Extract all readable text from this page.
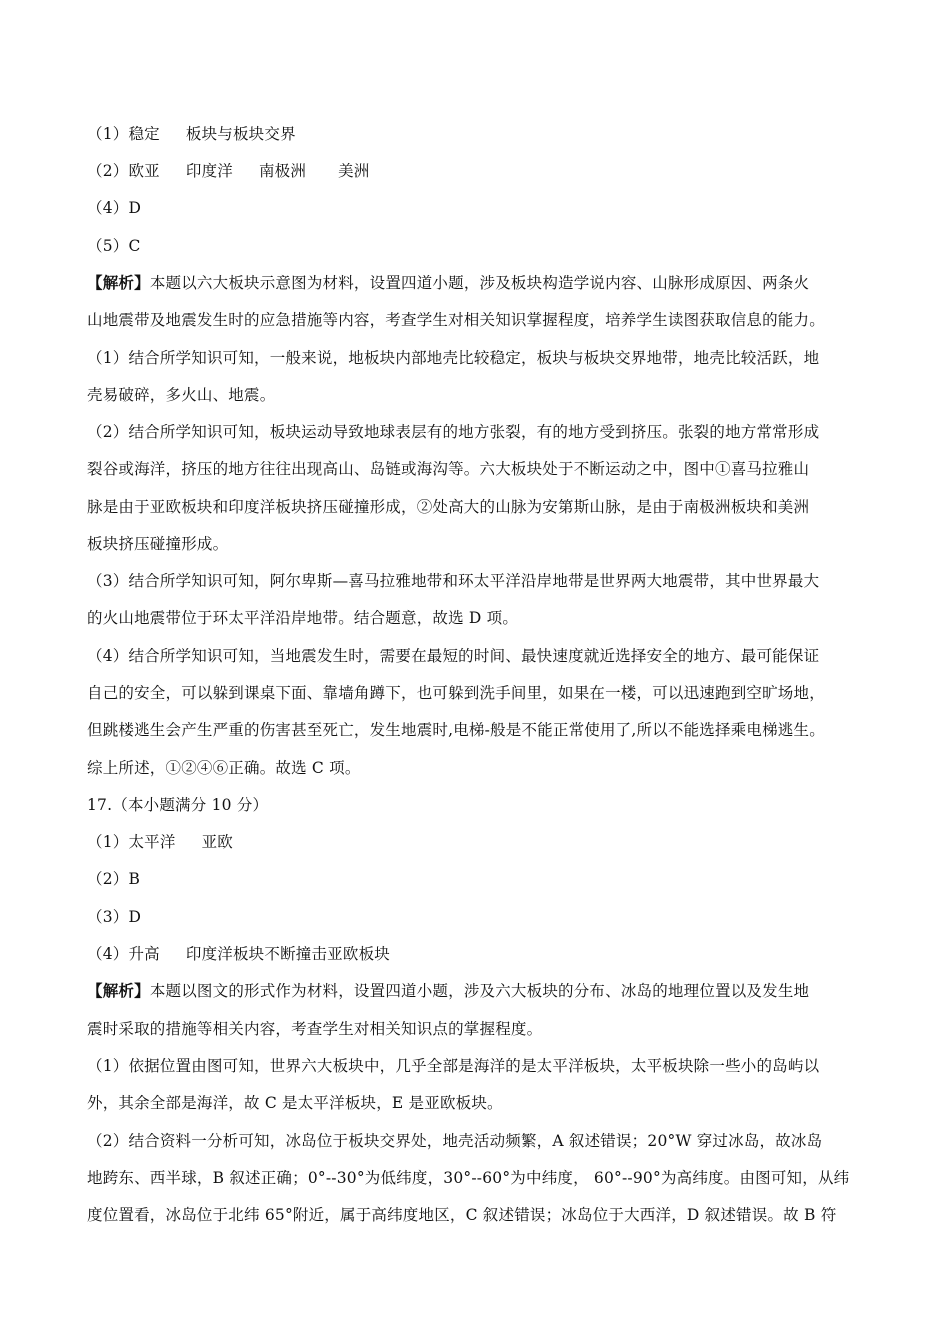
（1）稳定 板块与板块交界
（2）欧亚 印度洋 南极洲 美洲
（4）D
（5）C
【解析】本题以六大板块示意图为材料，设置四道小题，涉及板块构造学说内容、山脉形成原因、两条火
山地震带及地震发生时的应急措施等内容，考查学生对相关知识掌握程度，培养学生读图获取信息的能力。
（1）结合所学知识可知，一般来说，地板块内部地壳比较稳定，板块与板块交界地带，地壳比较活跃，地
壳易破碎，多火山、地震。
（2）结合所学知识可知，板块运动导致地球表层有的地方张裂，有的地方受到挤压。张裂的地方常常形成
裂谷或海洋，挤压的地方往往出现高山、岛链或海沟等。六大板块处于不断运动之中，图中①喜马拉雅山
脉是由于亚欧板块和印度洋板块挤压碰撞形成，②处高大的山脉为安第斯山脉，是由于南极洲板块和美洲
板块挤压碰撞形成。
（3）结合所学知识可知，阿尔卑斯—喜马拉雅地带和环太平洋沿岸地带是世界两大地震带，其中世界最大
的火山地震带位于环太平洋沿岸地带。结合题意，故选 D 项。
（4）结合所学知识可知，当地震发生时，需要在最短的时间、最快速度就近选择安全的地方、最可能保证
自己的安全，可以躲到课桌下面、靠墙角蹲下，也可躲到洗手间里，如果在一楼，可以迅速跑到空旷场地，
但跳楼逃生会产生严重的伤害甚至死亡，发生地震时,电梯-般是不能正常使用了,所以不能选择乘电梯逃生。
综上所述，①②④⑥正确。故选 C 项。
17.（本小题满分 10 分）
（1）太平洋 亚欧
（2）B
（3）D
（4）升高 印度洋板块不断撞击亚欧板块
【解析】本题以图文的形式作为材料，设置四道小题，涉及六大板块的分布、冰岛的地理位置以及发生地
震时采取的措施等相关内容，考查学生对相关知识点的掌握程度。
（1）依据位置由图可知，世界六大板块中，几乎全部是海洋的是太平洋板块，太平板块除一些小的岛屿以
外，其余全部是海洋，故 C 是太平洋板块，E 是亚欧板块。
（2）结合资料一分析可知，冰岛位于板块交界处，地壳活动频繁，A 叙述错误；20°W 穿过冰岛，故冰岛
地跨东、西半球，B 叙述正确；0°--30°为低纬度，30°--60°为中纬度， 60°--90°为高纬度。由图可知，从纬
度位置看，冰岛位于北纬 65°附近，属于高纬度地区，C 叙述错误；冰岛位于大西洋，D 叙述错误。故 B 符
